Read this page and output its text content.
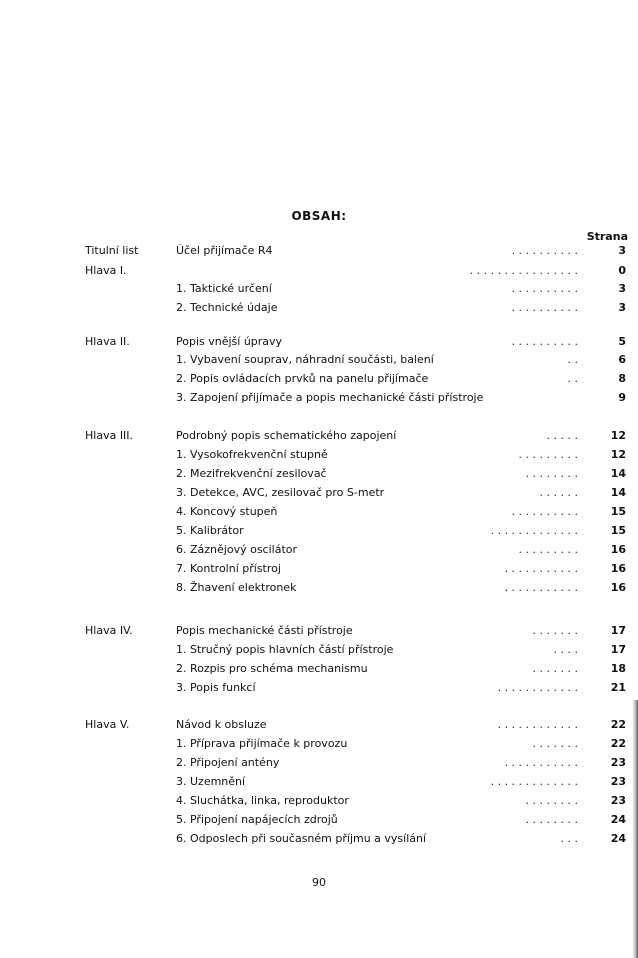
OBSAH:
Strana
Titulní list	Účel přijímače R4	. . . . . . . . . .	3
Hlava I.	. . . . . . . . . . . . . . . .	0
1. Taktické určení	. . . . . . . . . .	3
2. Technické údaje	. . . . . . . . . .	3
Hlava II.	Popis vnější úpravy	. . . . . . . . . .	5
1. Vybavení souprav, náhradní součásti, balení	. .	6
2. Popis ovládacích prvků na panelu přijímače	. .	8
3. Zapojení přijímače a popis mechanické části přístroje	9
Hlava III.	Podrobný popis schematického zapojení	. . . . .	12
1. Vysokofrekvenční stupně	. . . . . . . . .	12
2. Mezifrekvenční zesilovač	. . . . . . . .	14
3. Detekce, AVC, zesilovač pro S-metr	. . . . . .	14
4. Koncový stupeň	. . . . . . . . . .	15
5. Kalibrátor	. . . . . . . . . . . . .	15
6. Záznějový oscilátor	. . . . . . . . .	16
7. Kontrolní přístroj	. . . . . . . . . . .	16
8. Žhavení elektronek	. . . . . . . . . . .	16
Hlava IV.	Popis mechanické části přístroje	. . . . . . .	17
1. Stručný popis hlavních částí přístroje	. . . .	17
2. Rozpis pro schéma mechanismu	. . . . . . .	18
3. Popis funkcí	. . . . . . . . . . . .	21
Hlava V.	Návod k obsluze	. . . . . . . . . . . .	22
1. Příprava přijímače k provozu	. . . . . . .	22
2. Připojení antény	. . . . . . . . . . .	23
3. Uzemnění	. . . . . . . . . . . . .	23
4. Sluchátka, linka, reproduktor	. . . . . . . .	23
5. Připojení napájecích zdrojů	. . . . . . . .	24
6. Odposlech při současném příjmu a vysílání	. . .	24
90
